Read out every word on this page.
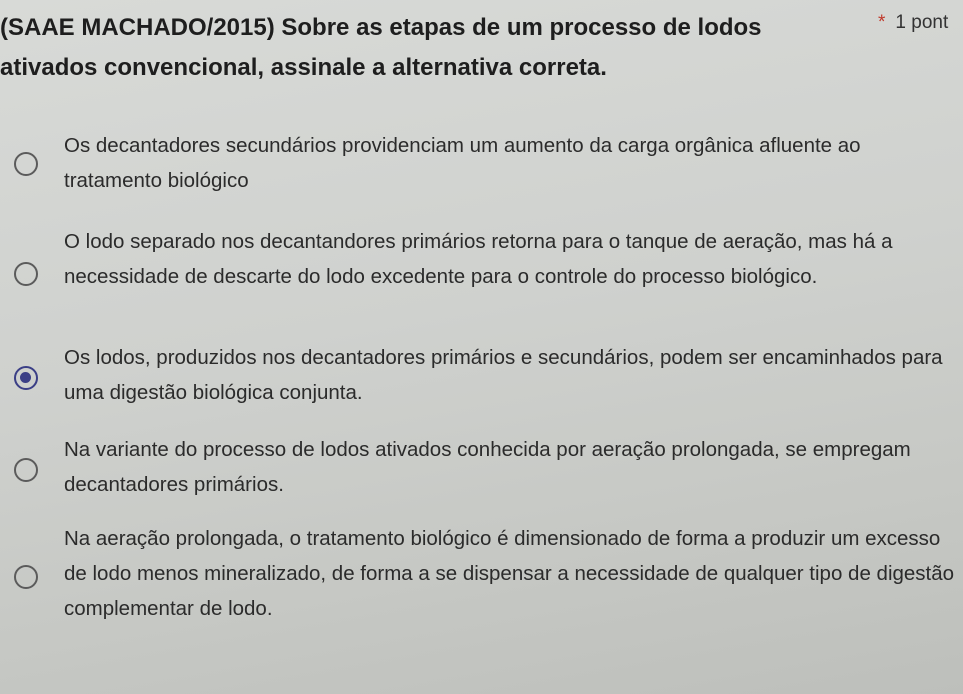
(SAAE MACHADO/2015) Sobre as etapas de um processo de lodos ativados convencional, assinale a alternativa correta.

* 1 pont

Os decantadores secundários providenciam um aumento da carga orgânica afluente ao tratamento biológico

O lodo separado nos decantandores primários retorna para o tanque de aeração, mas há a necessidade de descarte do lodo excedente para o controle do processo biológico.

Os lodos, produzidos nos decantadores primários e secundários, podem ser encaminhados para uma digestão biológica conjunta.

Na variante do processo de lodos ativados conhecida por aeração prolongada, se empregam decantadores primários.

Na aeração prolongada, o tratamento biológico é dimensionado de forma a produzir um excesso de lodo menos mineralizado, de forma a se dispensar a necessidade de qualquer tipo de digestão complementar de lodo.
